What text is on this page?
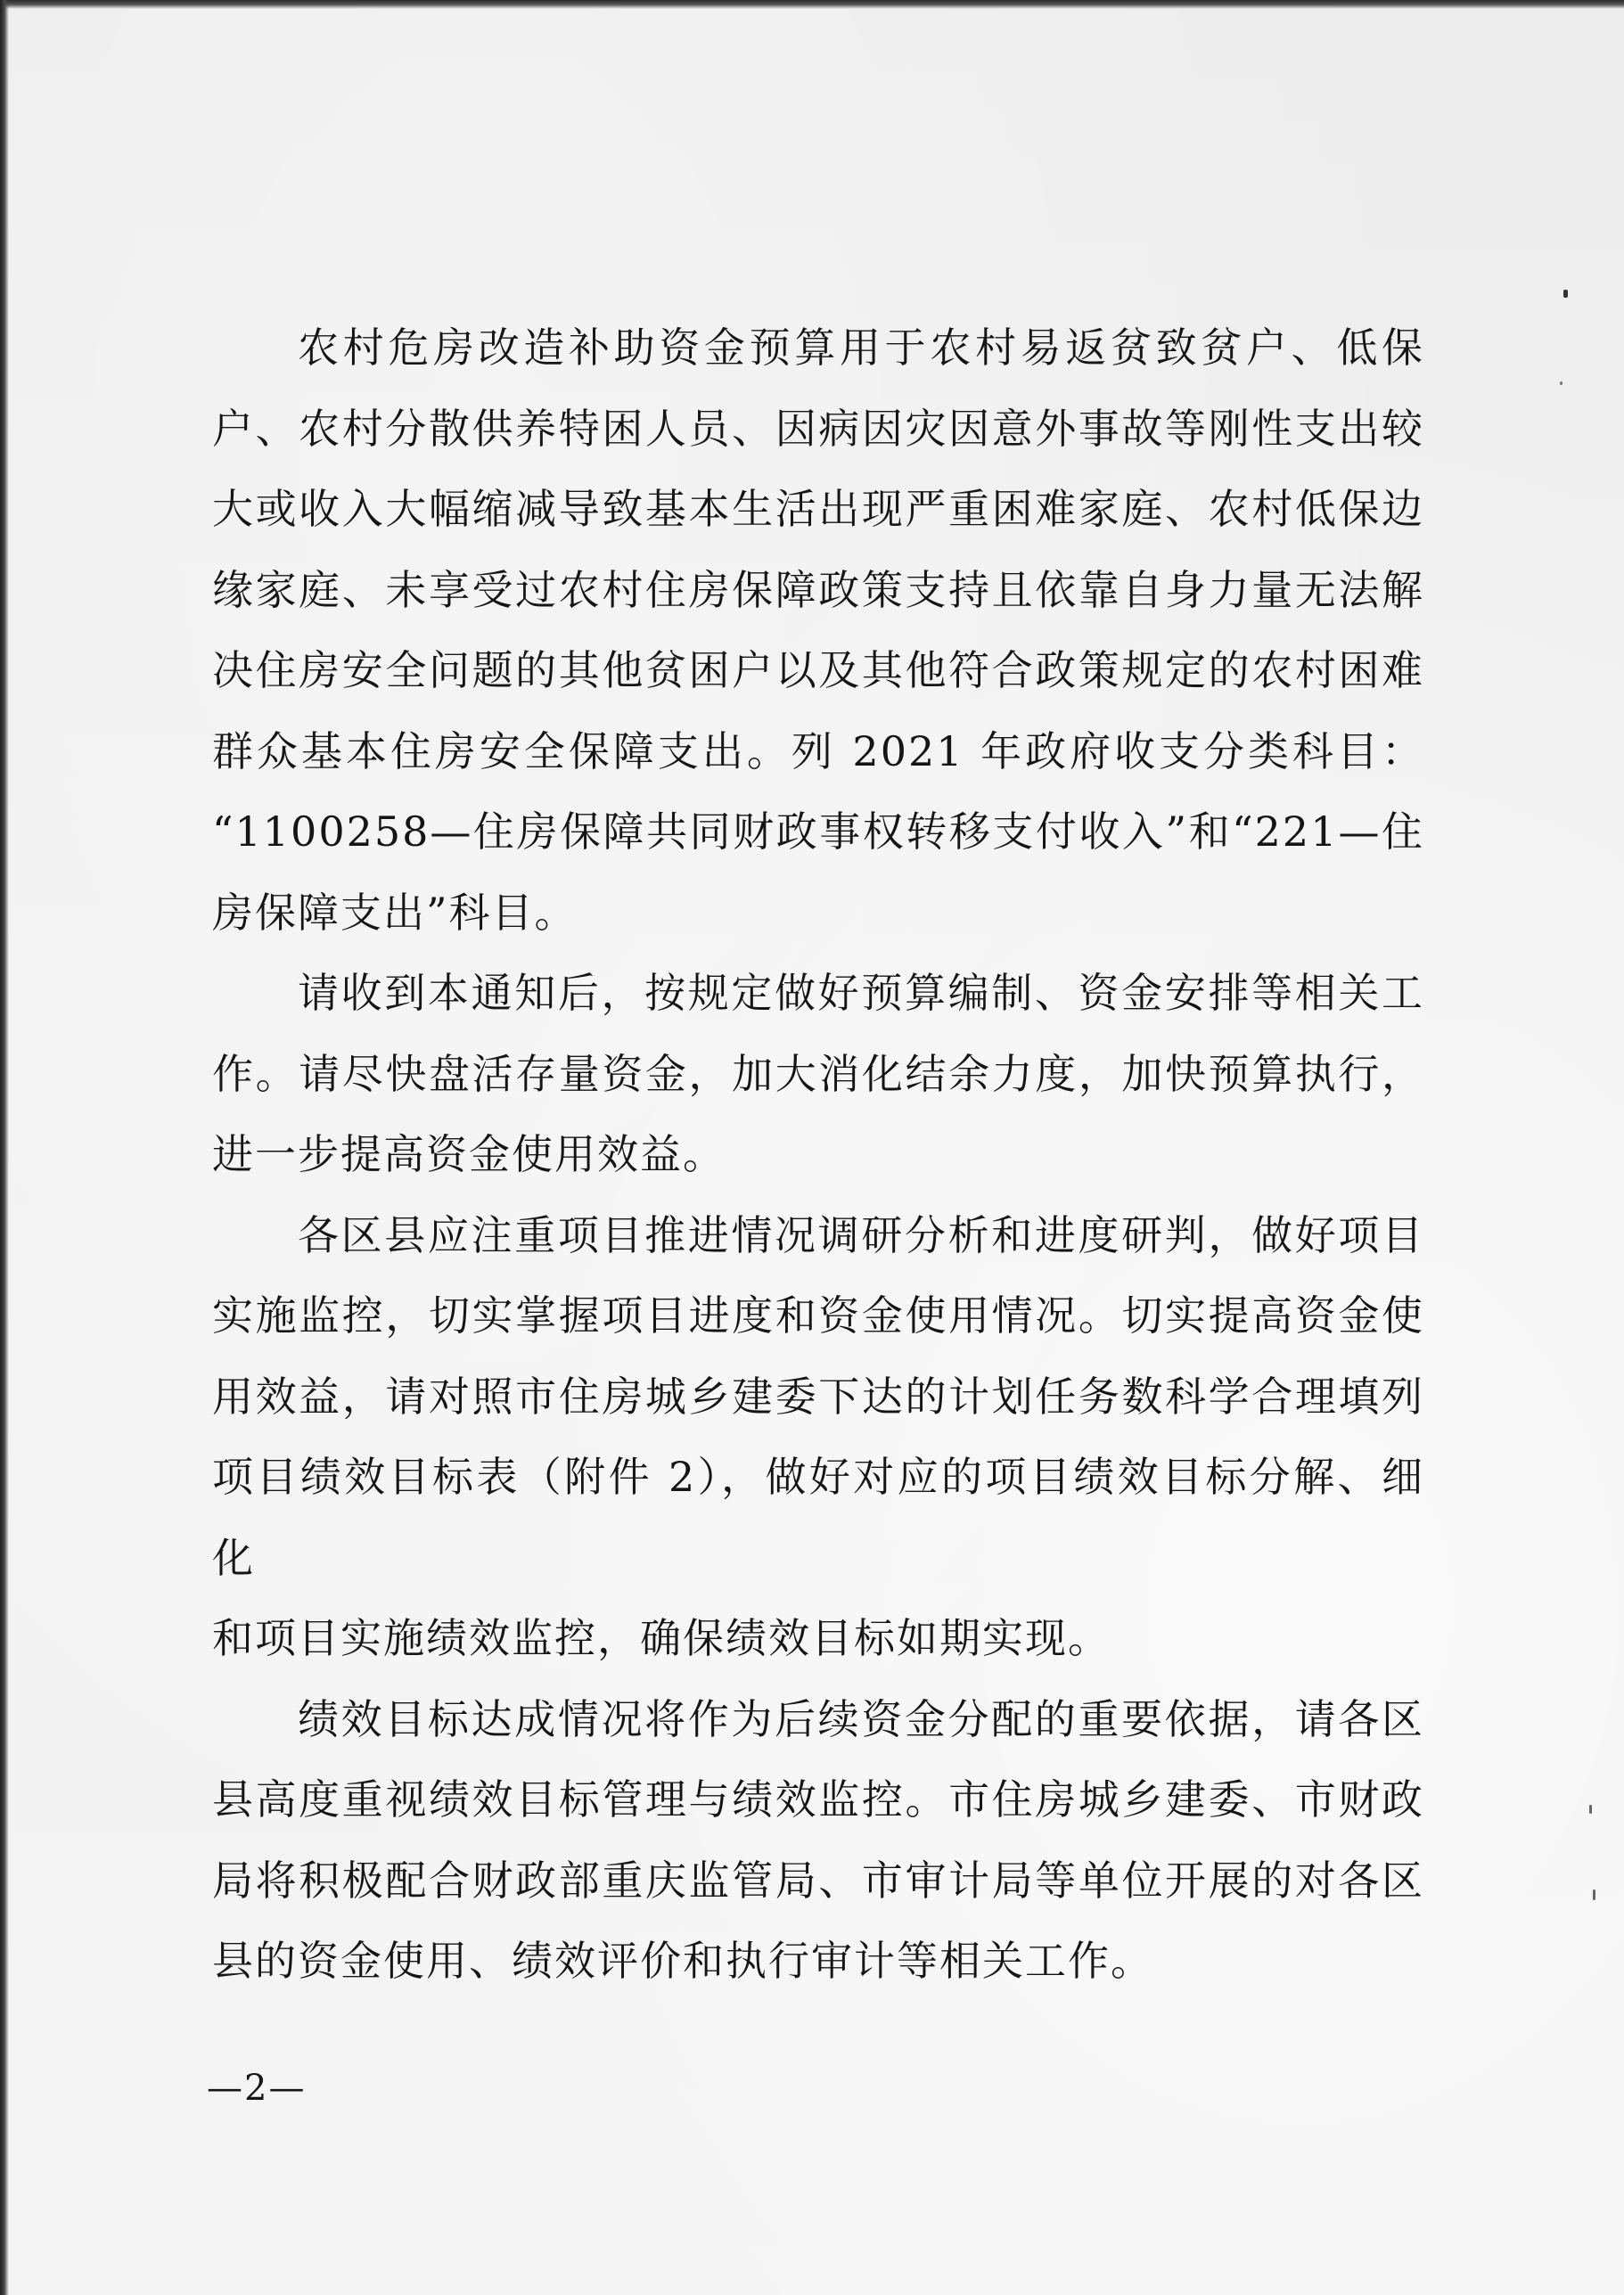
农村危房改造补助资金预算用于农村易返贫致贫户、低保
户、农村分散供养特困人员、因病因灾因意外事故等刚性支出较
大或收入大幅缩减导致基本生活出现严重困难家庭、农村低保边
缘家庭、未享受过农村住房保障政策支持且依靠自身力量无法解
决住房安全问题的其他贫困户以及其他符合政策规定的农村困难
群众基本住房安全保障支出。列 2021 年政府收支分类科目：
“1100258—住房保障共同财政事权转移支付收入”和“221—住
房保障支出”科目。
请收到本通知后，按规定做好预算编制、资金安排等相关工
作。请尽快盘活存量资金，加大消化结余力度，加快预算执行，
进一步提高资金使用效益。
各区县应注重项目推进情况调研分析和进度研判，做好项目
实施监控，切实掌握项目进度和资金使用情况。切实提高资金使
用效益，请对照市住房城乡建委下达的计划任务数科学合理填列
项目绩效目标表（附件 2），做好对应的项目绩效目标分解、细化
和项目实施绩效监控，确保绩效目标如期实现。
绩效目标达成情况将作为后续资金分配的重要依据，请各区
县高度重视绩效目标管理与绩效监控。市住房城乡建委、市财政
局将积极配合财政部重庆监管局、市审计局等单位开展的对各区
县的资金使用、绩效评价和执行审计等相关工作。
—2—
